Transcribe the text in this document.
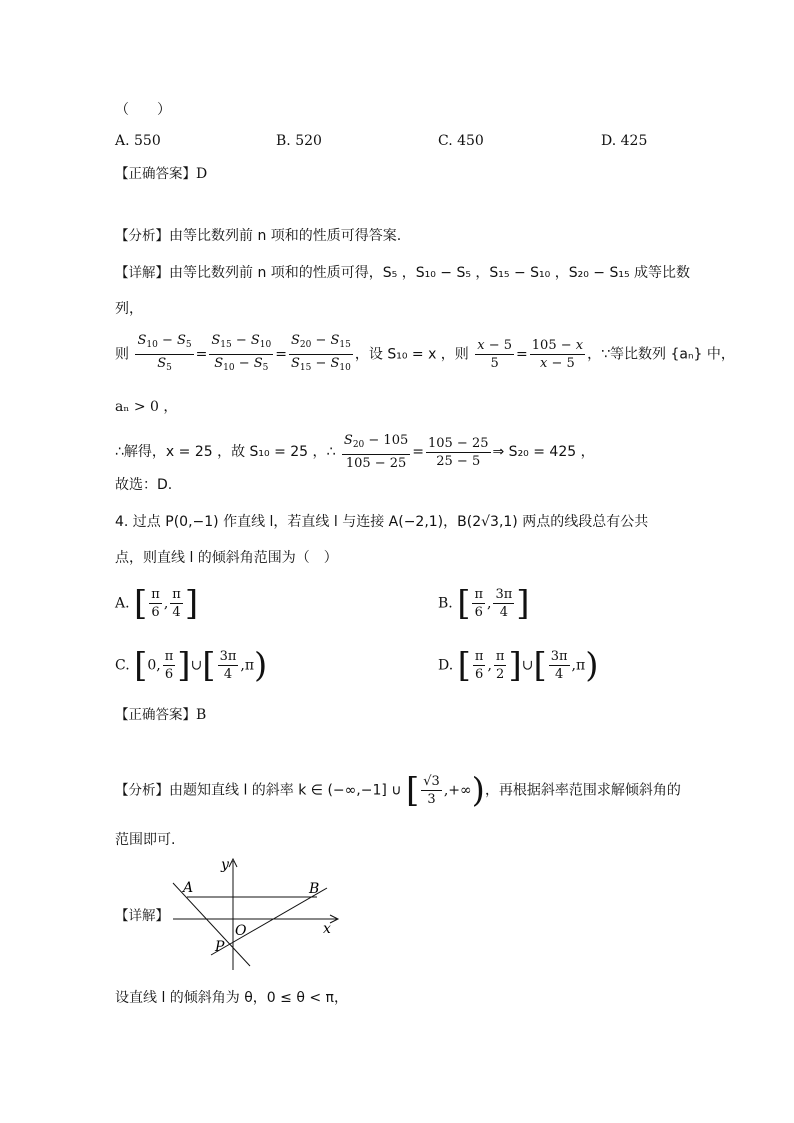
（　　）
A. 550	B. 520	C. 450	D. 425
【正确答案】D
【分析】由等比数列前 n 项和的性质可得答案.
【详解】由等比数列前 n 项和的性质可得，S₅ ，S₁₀ − S₅ ，S₁₅ − S₁₀ ，S₂₀ − S₁₅ 成等比数
列，
则 $\frac{S_{10} - S_5}{S_5} = \frac{S_{15} - S_{10}}{S_{10} - S_5} = \frac{S_{20} - S_{15}}{S_{15} - S_{10}}$ ，设 S₁₀ = x ，则 $\frac{x - 5}{5} = \frac{105 - x}{x - 5}$ ，∵等比数列 {aₙ} 中，
aₙ > 0 ，
∴解得，x = 25 ，故 S₁₀ = 25 ，∴ $\frac{S_{20} - 105}{105 - 25} = \frac{105 - 25}{25 - 5}$ ⇒ S₂₀ = 425 ，
故选：D.
4. 过点 P(0,−1) 作直线 l，若直线 l 与连接 A(−2,1)，B(2√3,1) 两点的线段总有公共
点，则直线 l 的倾斜角范围为（　）
A. [ $\frac{\pi}{6}$ , $\frac{\pi}{4}$ ]	B. [ $\frac{\pi}{6}$ , $\frac{3\pi}{4}$ ]
C. [0, $\frac{\pi}{6}$ ]∪[ $\frac{3\pi}{4} ,\pi$)	D. [ $\frac{\pi}{6}$ , $\frac{\pi}{2}$ ]∪[ $\frac{3\pi}{4} ,\pi$)
【正确答案】B
【分析】由题知直线 l 的斜率 k ∈ (−∞,−1] ∪ [ $\frac{√3}{3}$ ,+∞)，再根据斜率范围求解倾斜角的
范围即可.
【详解】
y
A	B
O	x
P
设直线 l 的倾斜角为 θ，0 ≤ θ < π，
